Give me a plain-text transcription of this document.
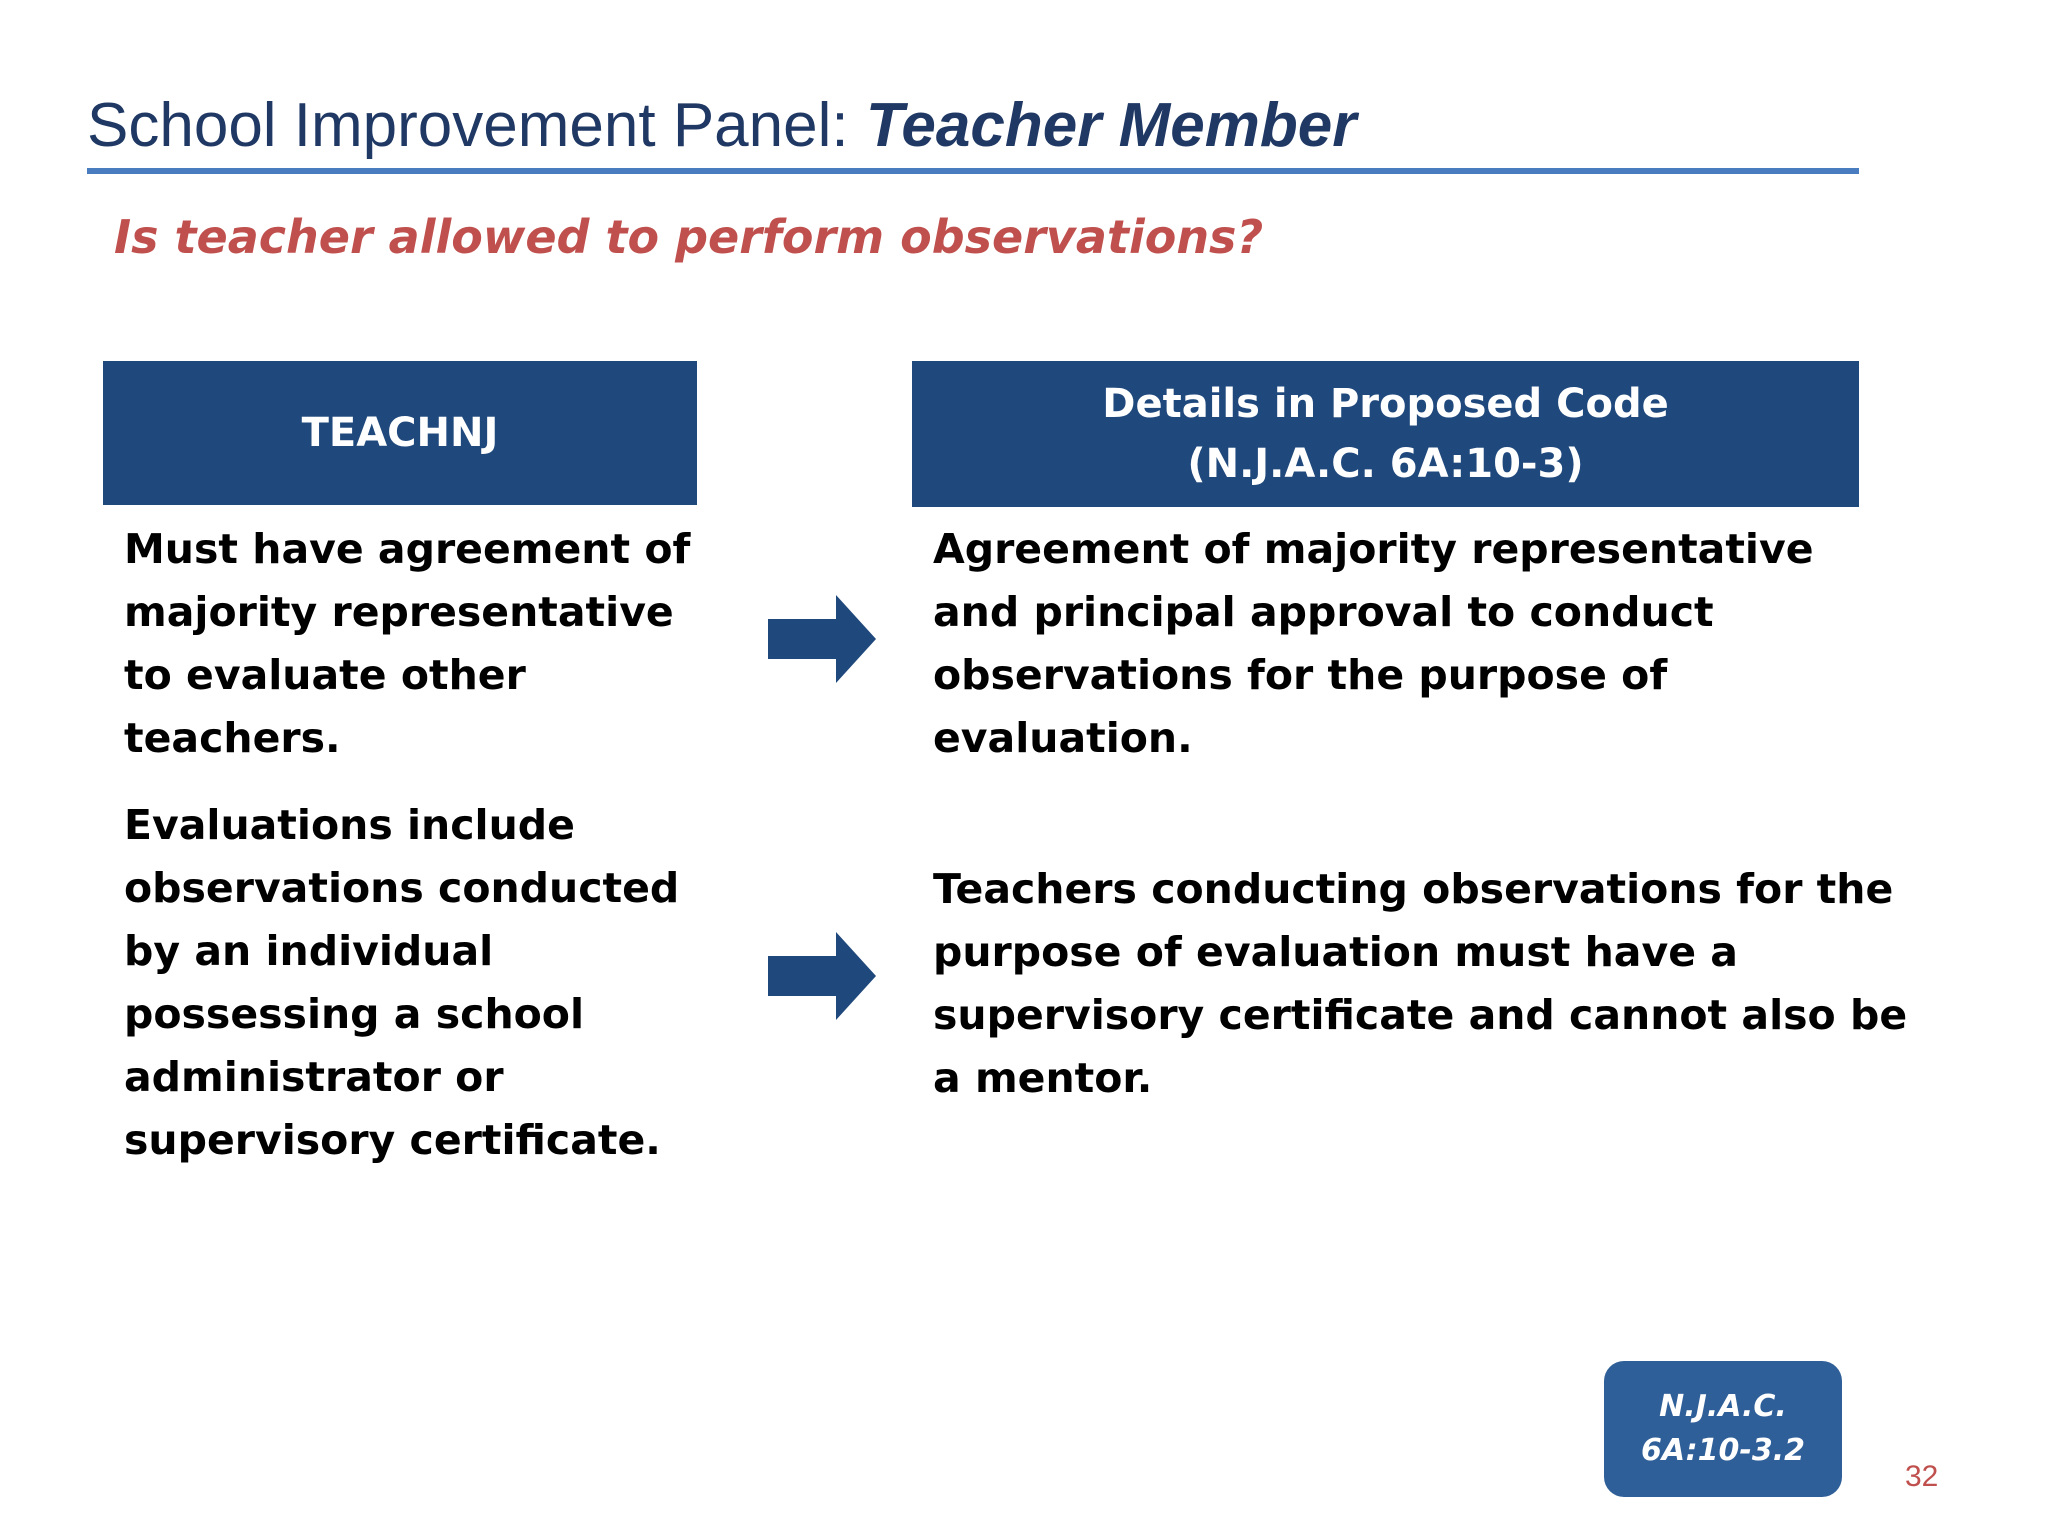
School Improvement Panel: Teacher Member
Is teacher allowed to perform observations?
TEACHNJ
Details in Proposed Code
(N.J.A.C. 6A:10-3)
Must have agreement of
majority representative
to evaluate other
teachers.
Evaluations include
observations conducted
by an individual
possessing a school
administrator or
supervisory certificate.
Agreement of majority representative
and principal approval to conduct
observations for the purpose of
evaluation.
Teachers conducting observations for the
purpose of evaluation must have a
supervisory certificate and cannot also be
a mentor.
N.J.A.C.
6A:10-3.2
32
